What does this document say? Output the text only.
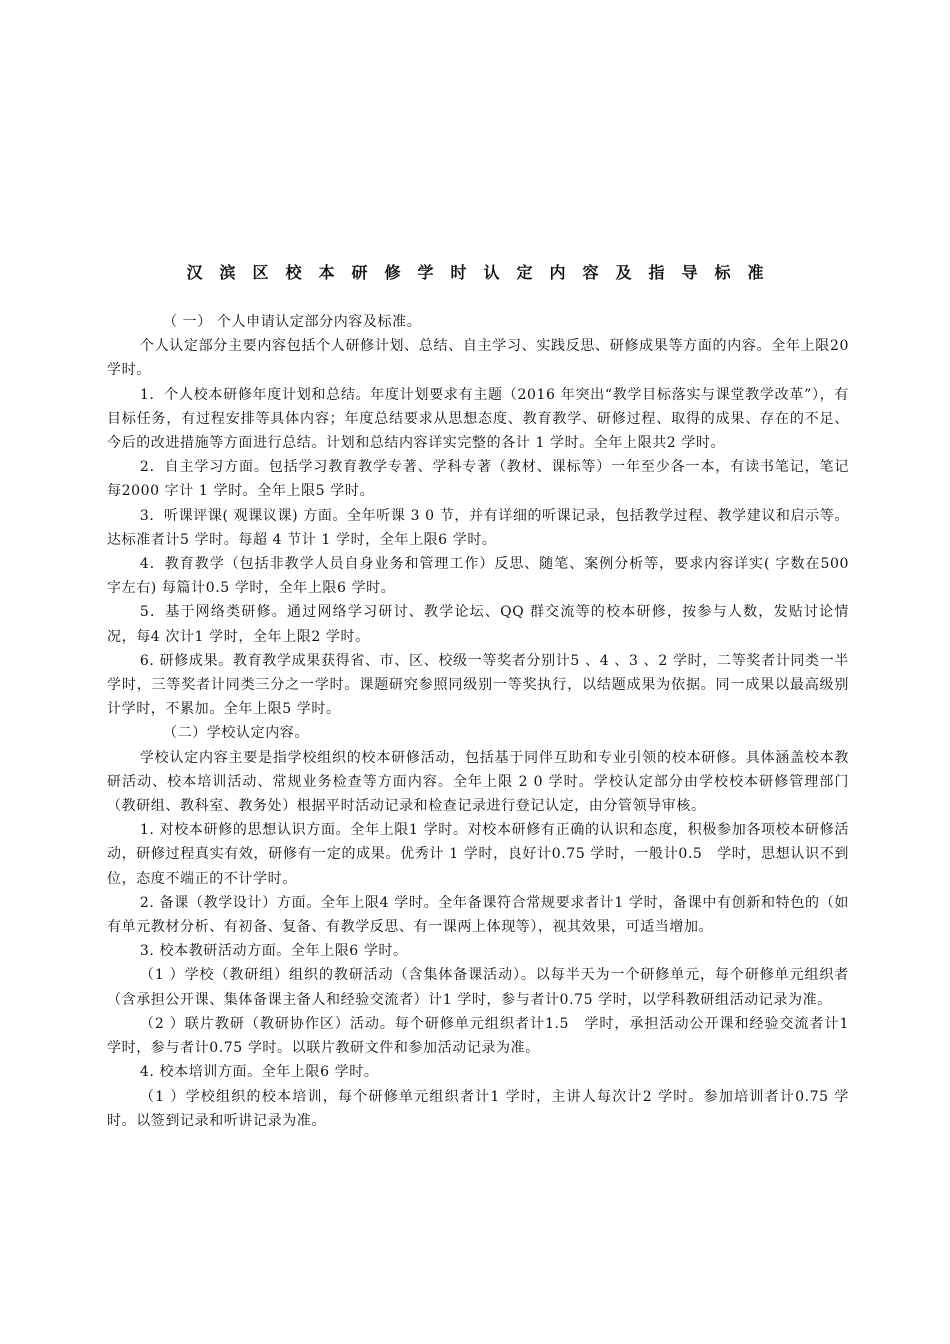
汉滨区校本研修学时认定内容及指导标准

（ 一） 个人申请认定部分内容及标准。

个人认定部分主要内容包括个人研修计划、总结、自主学习、实践反思、研修成果等方面的内容。全年上限20　学时。

1．个人校本研修年度计划和总结。年度计划要求有主题（2016 年突出“教学目标落实与课堂教学改革”），有目标任务，有过程安排等具体内容；年度总结要求从思想态度、教育教学、研修过程、取得的成果、存在的不足、今后的改进措施等方面进行总结。计划和总结内容详实完整的各计 1 学时。全年上限共2 学时。

2．自主学习方面。包括学习教育教学专著、学科专著（教材、课标等）一年至少各一本，有读书笔记，笔记每2000 字计 1 学时。全年上限5 学时。

3．听课评课( 观课议课) 方面。全年听课 3 0 节，并有详细的听课记录，包括教学过程、教学建议和启示等。达标准者计5 学时。每超 4 节计 1 学时，全年上限6 学时。

4．教育教学（包括非教学人员自身业务和管理工作）反思、随笔、案例分析等，要求内容详实( 字数在500 字左右) 每篇计0.5 学时，全年上限6 学时。

5．基于网络类研修。通过网络学习研讨、教学论坛、QQ 群交流等的校本研修，按参与人数，发贴讨论情况，每4 次计1 学时，全年上限2 学时。

6. 研修成果。教育教学成果获得省、市、区、校级一等奖者分别计5 、4 、3 、2 学时，二等奖者计同类一半学时，三等奖者计同类三分之一学时。课题研究参照同级别一等奖执行，以结题成果为依据。同一成果以最高级别计学时，不累加。全年上限5 学时。

（二）学校认定内容。

学校认定内容主要是指学校组织的校本研修活动，包括基于同伴互助和专业引领的校本研修。具体涵盖校本教研活动、校本培训活动、常规业务检查等方面内容。全年上限 2 0 学时。学校认定部分由学校校本研修管理部门（教研组、教科室、教务处）根据平时活动记录和检查记录进行登记认定，由分管领导审核。

1. 对校本研修的思想认识方面。全年上限1 学时。对校本研修有正确的认识和态度，积极参加各项校本研修活动，研修过程真实有效，研修有一定的成果。优秀计 1 学时，良好计0.75 学时，一般计0.5　学时，思想认识不到位，态度不端正的不计学时。

2. 备课（教学设计）方面。全年上限4 学时。全年备课符合常规要求者计1 学时，备课中有创新和特色的（如有单元教材分析、有初备、复备、有教学反思、有一课两上体现等），视其效果，可适当增加。

3. 校本教研活动方面。全年上限6 学时。

（1 ）学校（教研组）组织的教研活动（含集体备课活动）。以每半天为一个研修单元，每个研修单元组织者（含承担公开课、集体备课主备人和经验交流者）计1 学时，参与者计0.75 学时，以学科教研组活动记录为准。

（2 ）联片教研（教研协作区）活动。每个研修单元组织者计1.5　学时，承担活动公开课和经验交流者计1 学时，参与者计0.75 学时。以联片教研文件和参加活动记录为准。

4. 校本培训方面。全年上限6 学时。

（1 ）学校组织的校本培训，每个研修单元组织者计1 学时，主讲人每次计2 学时。参加培训者计0.75 学时。以签到记录和听讲记录为准。
